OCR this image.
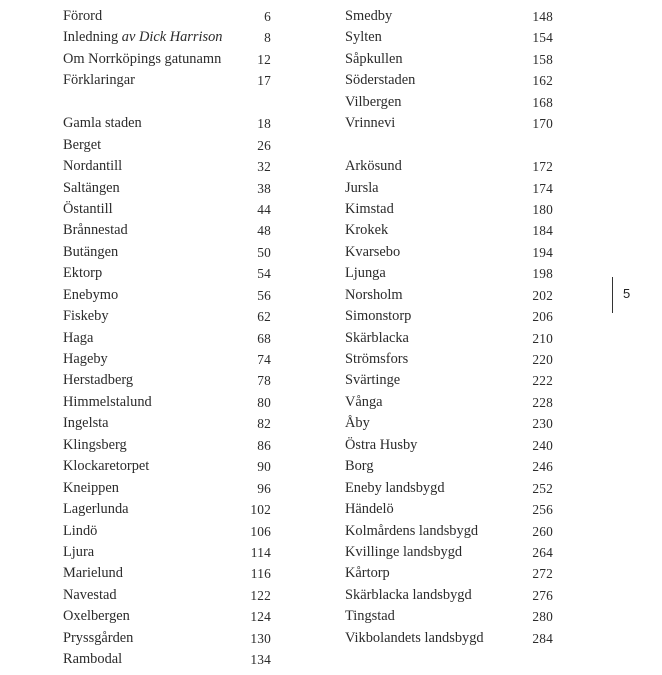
Förord	6
Inledning av Dick Harrison	8
Om Norrköpings gatunamn	12
Förklaringar	17
Gamla staden	18
Berget	26
Nordantill	32
Saltängen	38
Östantill	44
Brånnestad	48
Butängen	50
Ektorp	54
Enebymo	56
Fiskeby	62
Haga	68
Hageby	74
Herstadberg	78
Himmelstalund	80
Ingelsta	82
Klingsberg	86
Klockaretorpet	90
Kneippen	96
Lagerlunda	102
Lindö	106
Ljura	114
Marielund	116
Navestad	122
Oxelbergen	124
Pryssgården	130
Rambodal	134
Smedby	148
Sylten	154
Såpkullen	158
Söderstaden	162
Vilbergen	168
Vrinnevi	170
Arkösund	172
Jursla	174
Kimstad	180
Krokek	184
Kvarsebo	194
Ljunga	198
Norsholm	202
Simonstorp	206
Skärblacka	210
Strömsfors	220
Svärtinge	222
Vånga	228
Åby	230
Östra Husby	240
Borg	246
Eneby landsbygd	252
Händelö	256
Kolmårdens landsbygd	260
Kvillinge landsbygd	264
Kårtorp	272
Skärblacka landsbygd	276
Tingstad	280
Vikbolandets landsbygd	284
5
